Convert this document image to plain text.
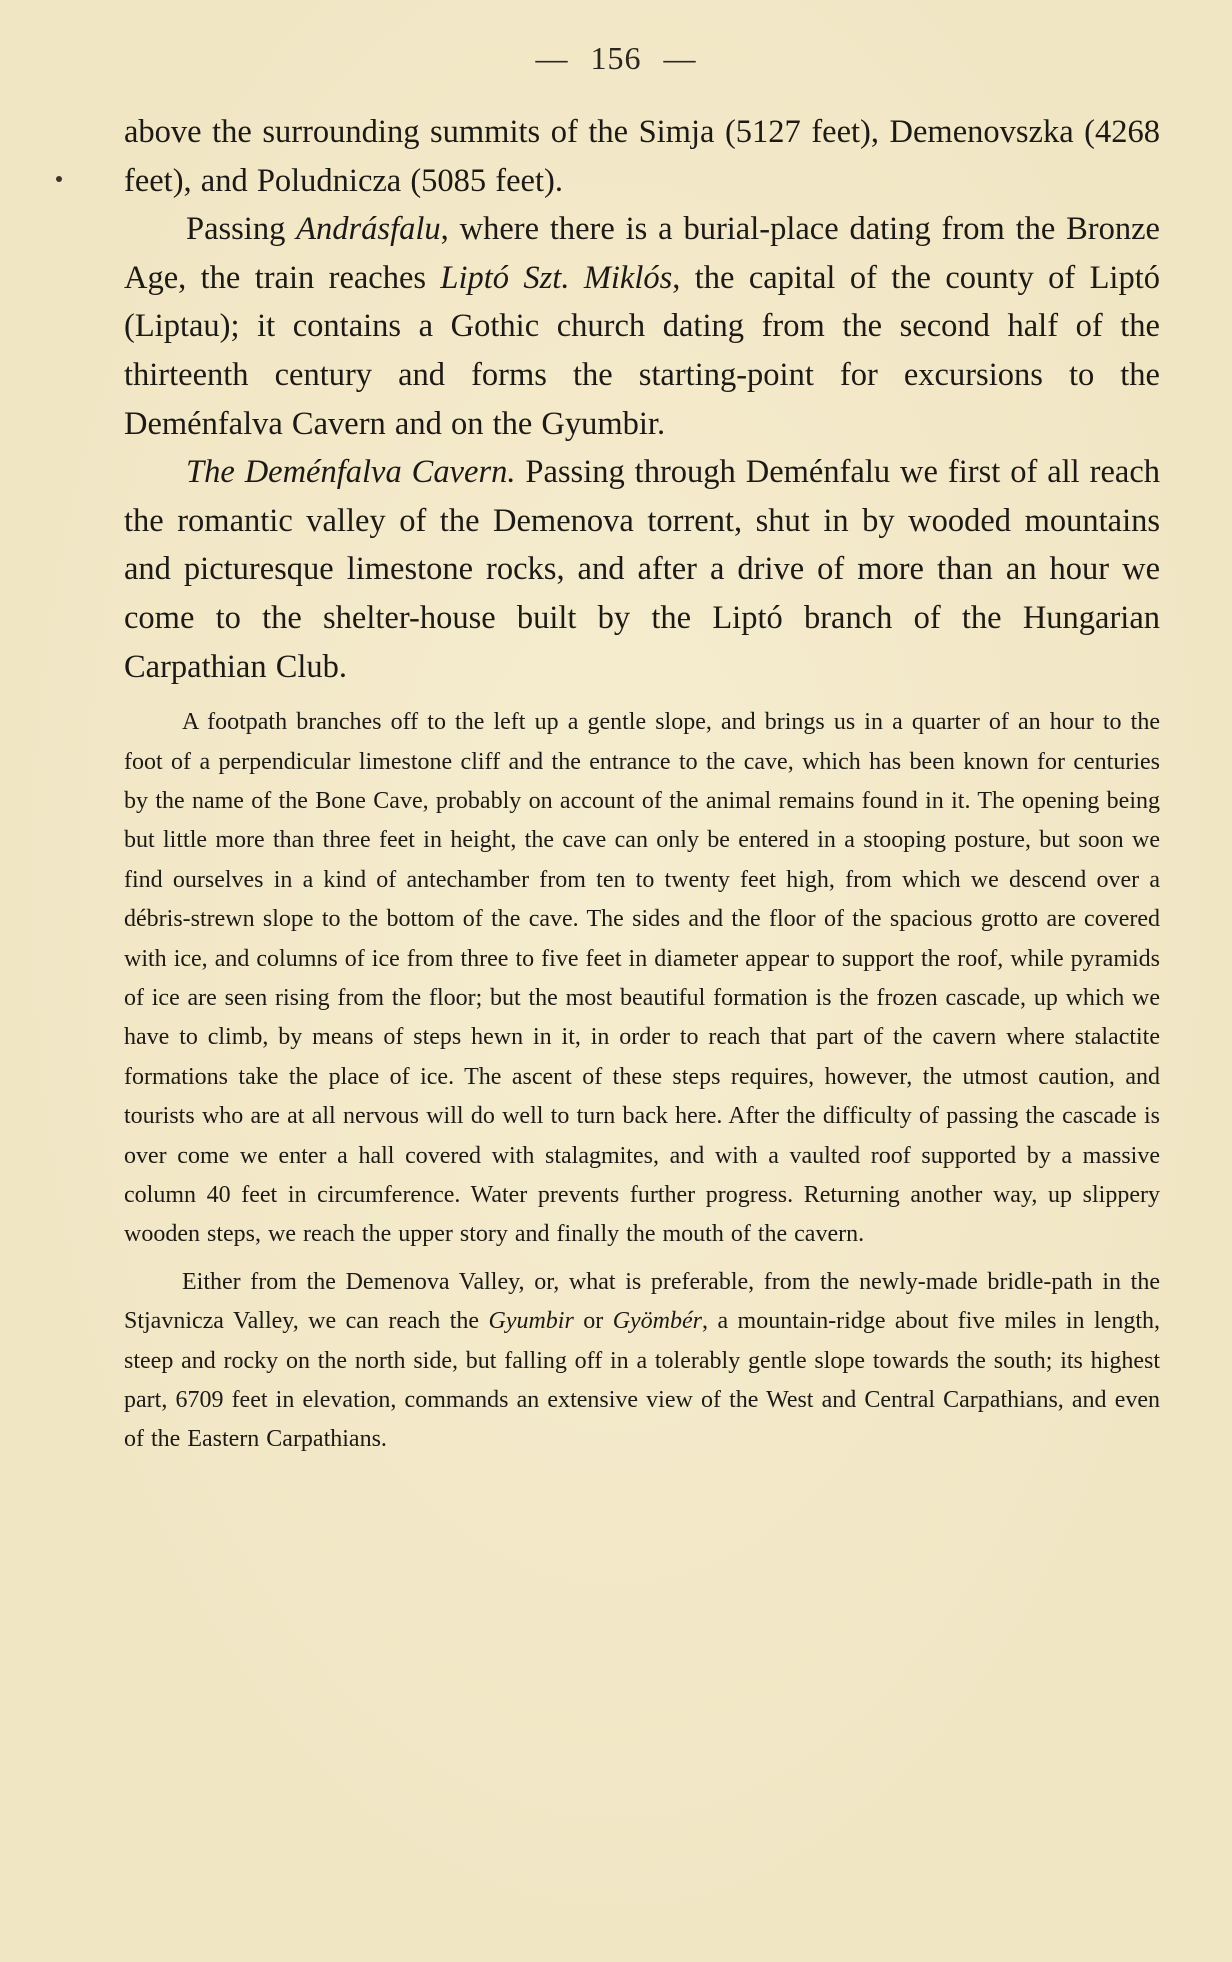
— 156 —

above the surrounding summits of the Simja (5127 feet), Demenovszka (4268 feet), and Poludnicza (5085 feet).

Passing Andrásfalu, where there is a burial-place dating from the Bronze Age, the train reaches Liptó Szt. Miklós, the capital of the county of Liptó (Liptau); it contains a Gothic church dating from the second half of the thirteenth century and forms the starting-point for excursions to the Deménfalva Cavern and on the Gyumbir.

The Deménfalva Cavern. Passing through Deménfalu we first of all reach the romantic valley of the Demenova torrent, shut in by wooded mountains and picturesque limestone rocks, and after a drive of more than an hour we come to the shelter-house built by the Liptó branch of the Hungarian Carpathian Club.

A footpath branches off to the left up a gentle slope, and brings us in a quarter of an hour to the foot of a perpendicular limestone cliff and the entrance to the cave, which has been known for centuries by the name of the Bone Cave, probably on account of the animal remains found in it. The opening being but little more than three feet in height, the cave can only be entered in a stooping posture, but soon we find ourselves in a kind of antechamber from ten to twenty feet high, from which we descend over a débris-strewn slope to the bottom of the cave. The sides and the floor of the spacious grotto are covered with ice, and columns of ice from three to five feet in diameter appear to support the roof, while pyramids of ice are seen rising from the floor; but the most beautiful formation is the frozen cascade, up which we have to climb, by means of steps hewn in it, in order to reach that part of the cavern where stalactite formations take the place of ice. The ascent of these steps requires, however, the utmost caution, and tourists who are at all nervous will do well to turn back here. After the difficulty of passing the cascade is over come we enter a hall covered with stalagmites, and with a vaulted roof supported by a massive column 40 feet in circumference. Water prevents further progress. Returning another way, up slippery wooden steps, we reach the upper story and finally the mouth of the cavern.

Either from the Demenova Valley, or, what is preferable, from the newly-made bridle-path in the Stjavnicza Valley, we can reach the Gyumbir or Gyömbér, a mountain-ridge about five miles in length, steep and rocky on the north side, but falling off in a tolerably gentle slope towards the south; its highest part, 6709 feet in elevation, commands an extensive view of the West and Central Carpathians, and even of the Eastern Carpathians.
